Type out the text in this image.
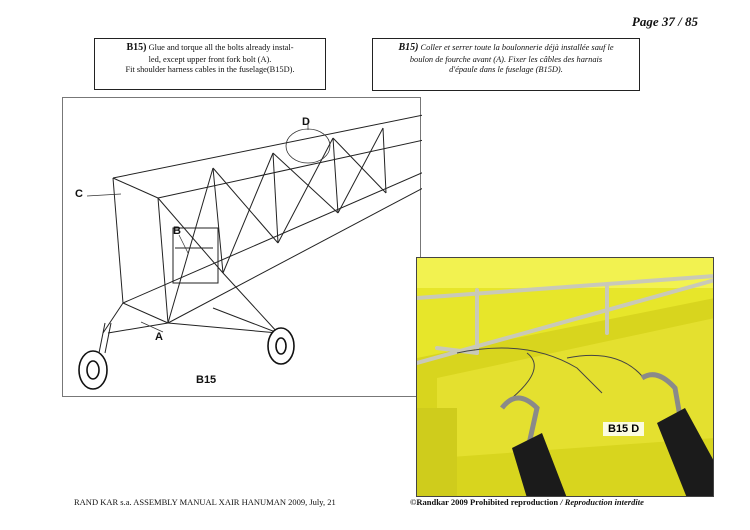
Page 37 / 85
B15) Glue and torque all the bolts already instal-
led, except upper front fork bolt (A).
Fit shoulder harness cables in the fuselage(B15D).
B15) Coller et serrer toute la boulonnerie déjà installée sauf le
boulon de fourche avant (A). Fixer les câbles des harnais
d'épaule dans le fuselage (B15D).
D
C
B
A
B15
B15 D
RAND KAR s.a. ASSEMBLY MANUAL XAIR HANUMAN 2009, July, 21	©Randkar 2009 Prohibited reproduction / Reproduction interdite
